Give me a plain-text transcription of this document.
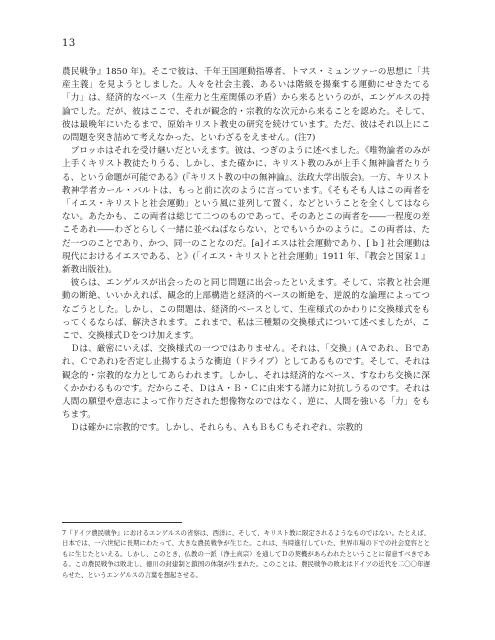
13

農民戦争』1850 年)。そこで彼は、千年王国運動指導者、トマス・ミュンツァーの思想に「共産主義」を見ようとしました。人々を社会主義、あるいは階級を揚棄する運動にせきたてる「力」は、経済的なベース（生産力と生産関係の矛盾）から来るというのが、エンゲルスの持論でした。だが、彼はここで、それが観念的・宗教的な次元から来ることを認めた。そして、彼は最晩年にいたるまで、原始キリスト教史の研究を続けています。ただ、彼はそれ以上にこの問題を突き詰めて考えなかった、といわざるをえません。(注7)

ブロッホはそれを受け継いだといえます。彼は、つぎのように述べました。《唯物論者のみが上手くキリスト教徒たりうる、しかし、また確かに、キリスト教のみが上手く無神論者たりうる、という命題が可能である》(『キリスト教の中の無神論』、法政大学出版会)。一方、キリスト教神学者カール・バルトは、もっと前に次のように言っています。《そもそも人はこの両者を「イエス・キリストと社会運動」という風に並列して置く、などということを全くしてはならない。あたかも、この両者は総じて二つのものであって、そのあとこの両者を――一程度の差こそあれ――わざとらしく一緒に並べねばならない、とでもいうかのように。この両者は、ただ一つのことであり、かつ、同一のことなのだ。[a]イエスは社会運動であり、[ b ] 社会運動は現代におけるイエスである、と》(「イエス・キリストと社会運動」1911 年、『教会と国家１』新教出版社)。

彼らは、エンゲルスが出会ったのと同じ問題に出会ったといえます。そして、宗教と社会運動の断絶、いいかえれば、観念的上部構造と経済的ベースの断絶を、逆説的な論理によってつなごうとした。しかし、この問題は、経済的ベースとして、生産様式のかわりに交換様式をもってくるならば、解決されます。これまで、私は三種類の交換様式について述べましたが、ここで、交換様式Ｄをつけ加えます。

Ｄは、厳密にいえば、交換様式の一つではありません。それは、「交換」(Ａであれ、Ｂであれ、Ｃであれ)を否定し止揚するような衝迫（ドライブ）としてあるものです。そして、それは観念的・宗教的な力としてあらわれます。しかし、それは経済的なベース、すなわち交換に深くかかわるものです。だからこそ、ＤはＡ・Ｂ・Ｃに由来する諸力に対抗しうるのです。それは人間の願望や意志によって作りだされた想像物なのではなく、逆に、人間を強いる「力」をもちます。

Ｄは確かに宗教的です。しかし、それらも、ＡもＢもＣもそれぞれ、宗教的

7『ドイツ農民戦争』におけるエンゲルスの省察は、西洋に、そして、キリスト教に限定されるようなものではない。たとえば、日本では、一六世紀に長期にわたって、大きな農民戦争が生じた。これは、当時進行していた、世界市場の下での社会変容とともに生じたといえる。しかし、このとき、仏教の一派（浄土真宗）を通してＤの契機があらわれたということに留意すべきである。この農民戦争は敗北し、徳川の封建制と鎖国の体制が生まれた。このことは、農民戦争の敗北はドイツの近代を二〇〇年遅らせた、というエンゲルスの言葉を想起させる。
